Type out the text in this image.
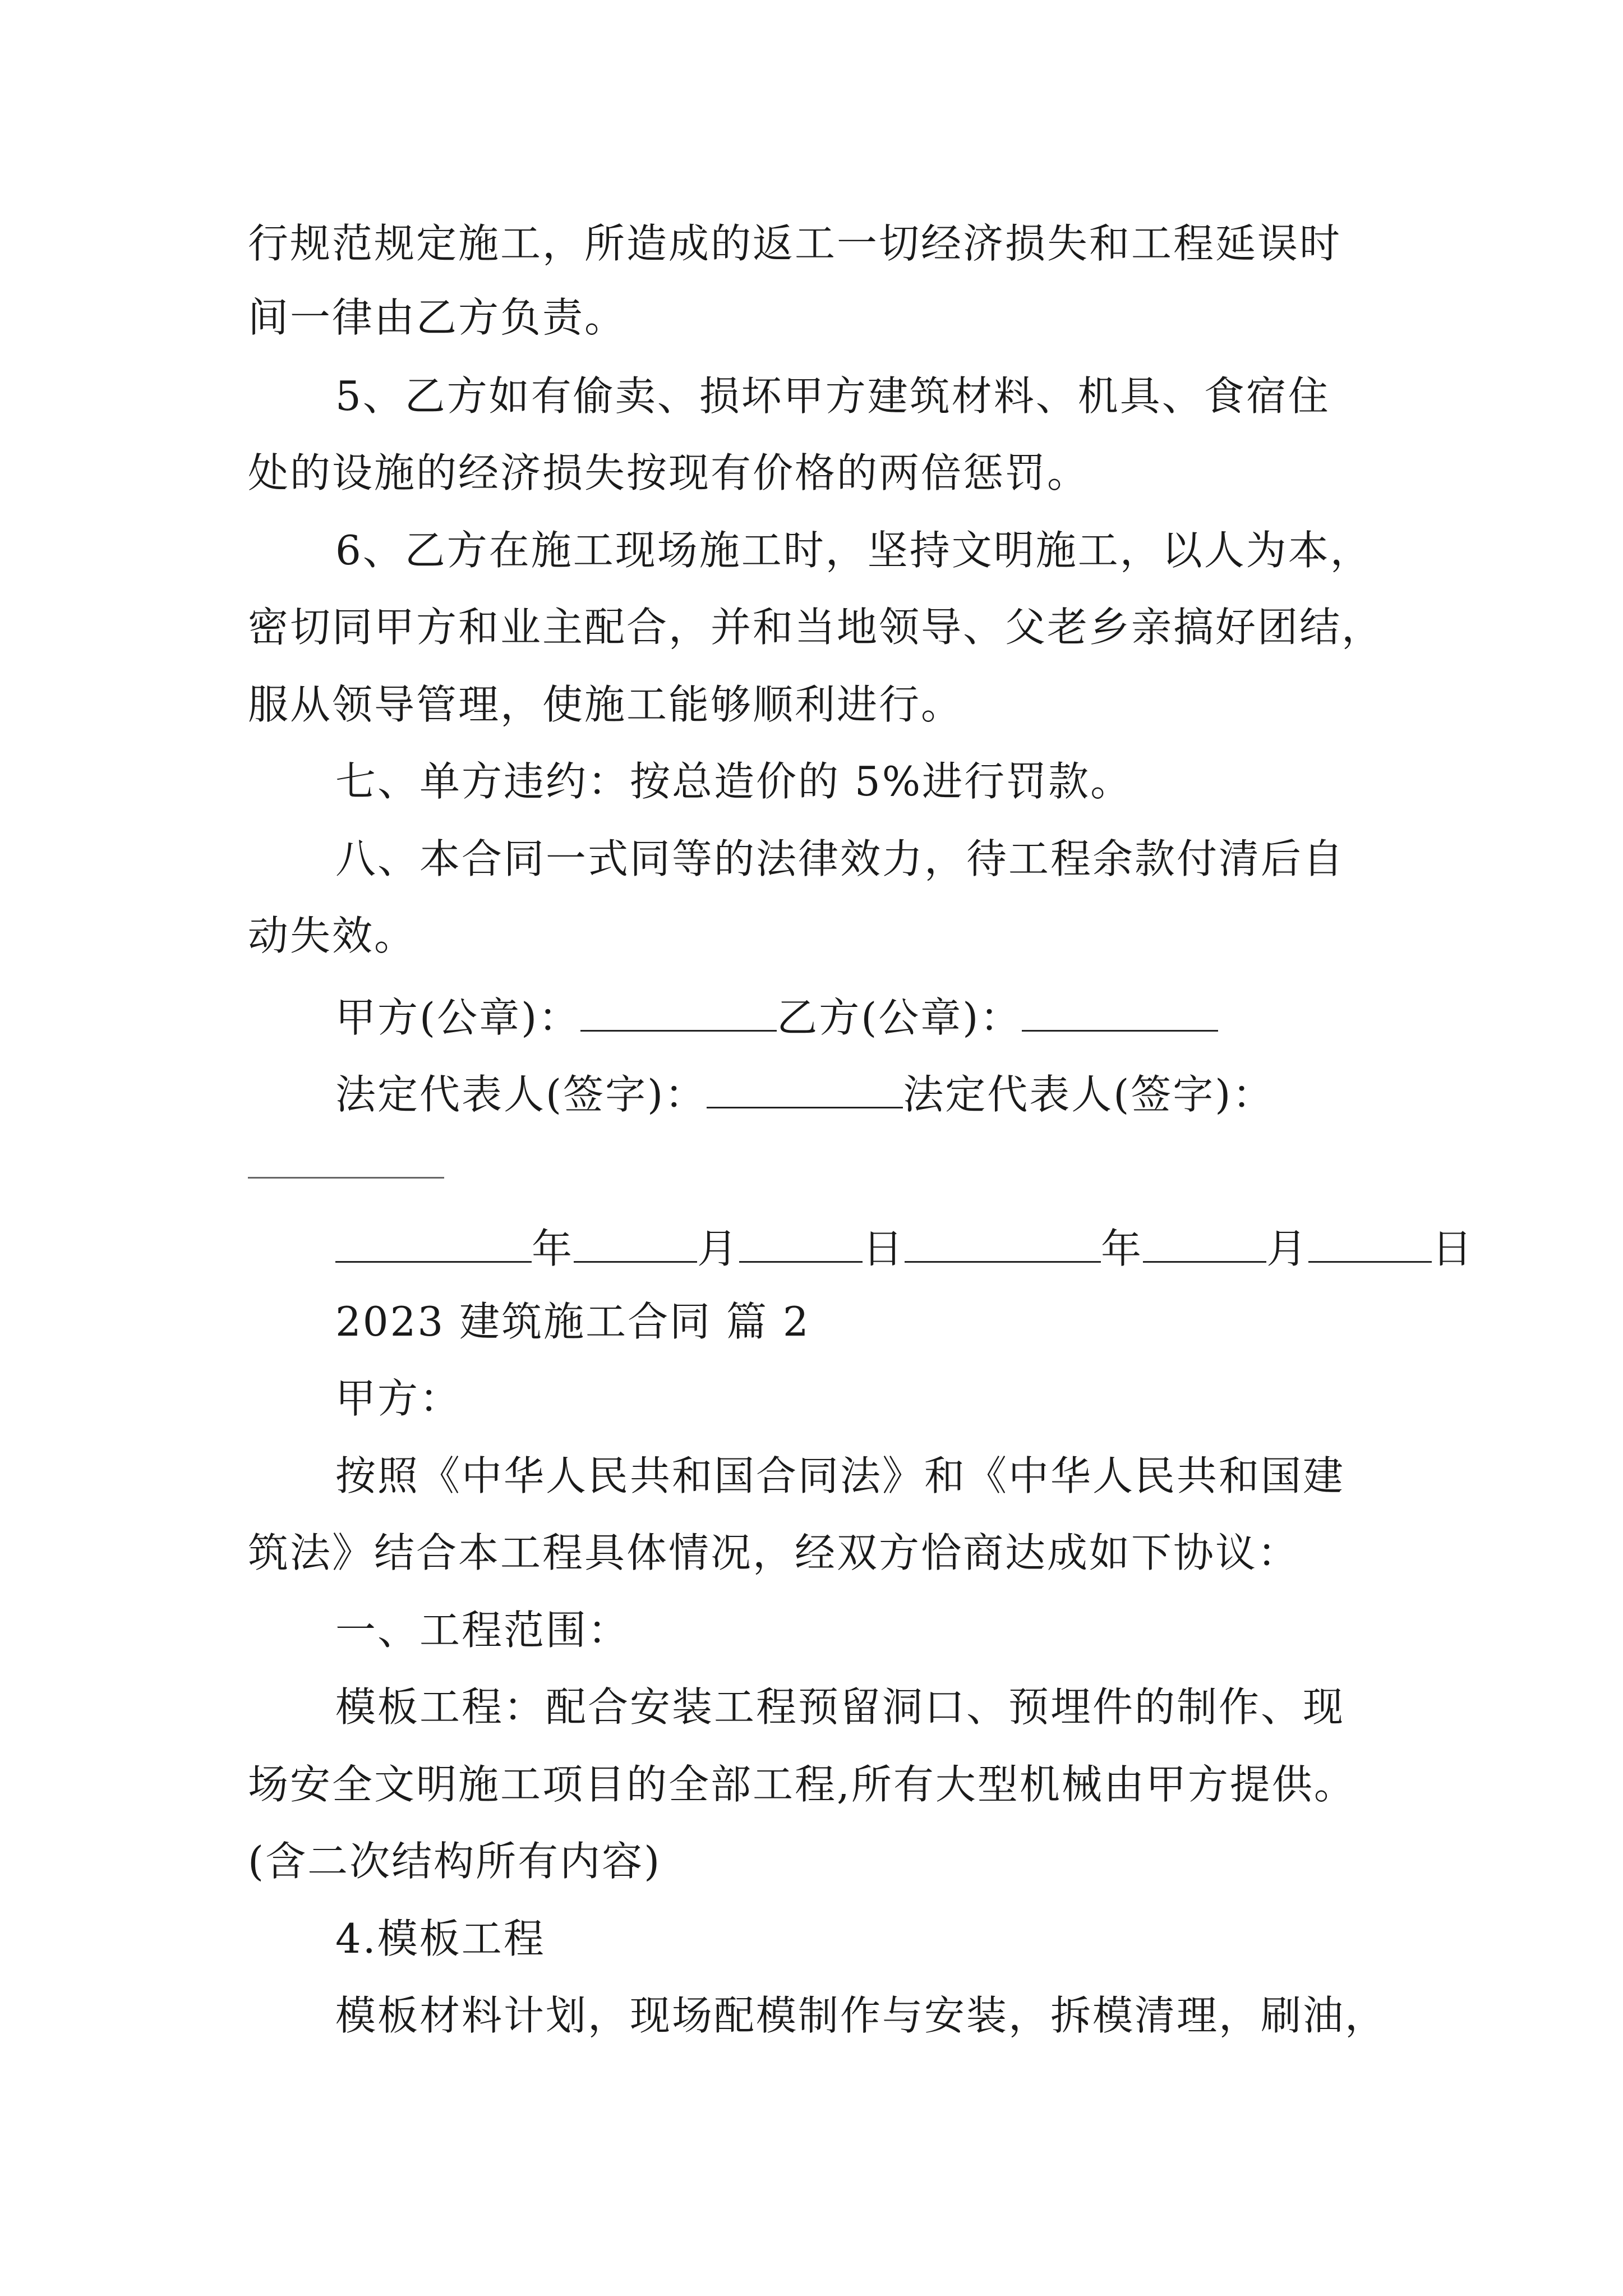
行规范规定施工，所造成的返工一切经济损失和工程延误时
间一律由乙方负责。
5、乙方如有偷卖、损坏甲方建筑材料、机具、食宿住
处的设施的经济损失按现有价格的两倍惩罚。
6、乙方在施工现场施工时，坚持文明施工，以人为本，
密切同甲方和业主配合，并和当地领导、父老乡亲搞好团结，
服从领导管理，使施工能够顺利进行。
七、单方违约：按总造价的 5%进行罚款。
八、本合同一式同等的法律效力，待工程余款付清后自
动失效。
甲方(公章)：	乙方(公章)：
法定代表人(签字)：	法定代表人(签字)：
年	月	日	年	月	日
2023 建筑施工合同 篇 2
甲方：
按照《中华人民共和国合同法》和《中华人民共和国建
筑法》结合本工程具体情况，经双方恰商达成如下协议：
一、工程范围：
模板工程：配合安装工程预留洞口、预埋件的制作、现
场安全文明施工项目的全部工程,所有大型机械由甲方提供。
(含二次结构所有内容)
4.模板工程
模板材料计划，现场配模制作与安装，拆模清理，刷油，
